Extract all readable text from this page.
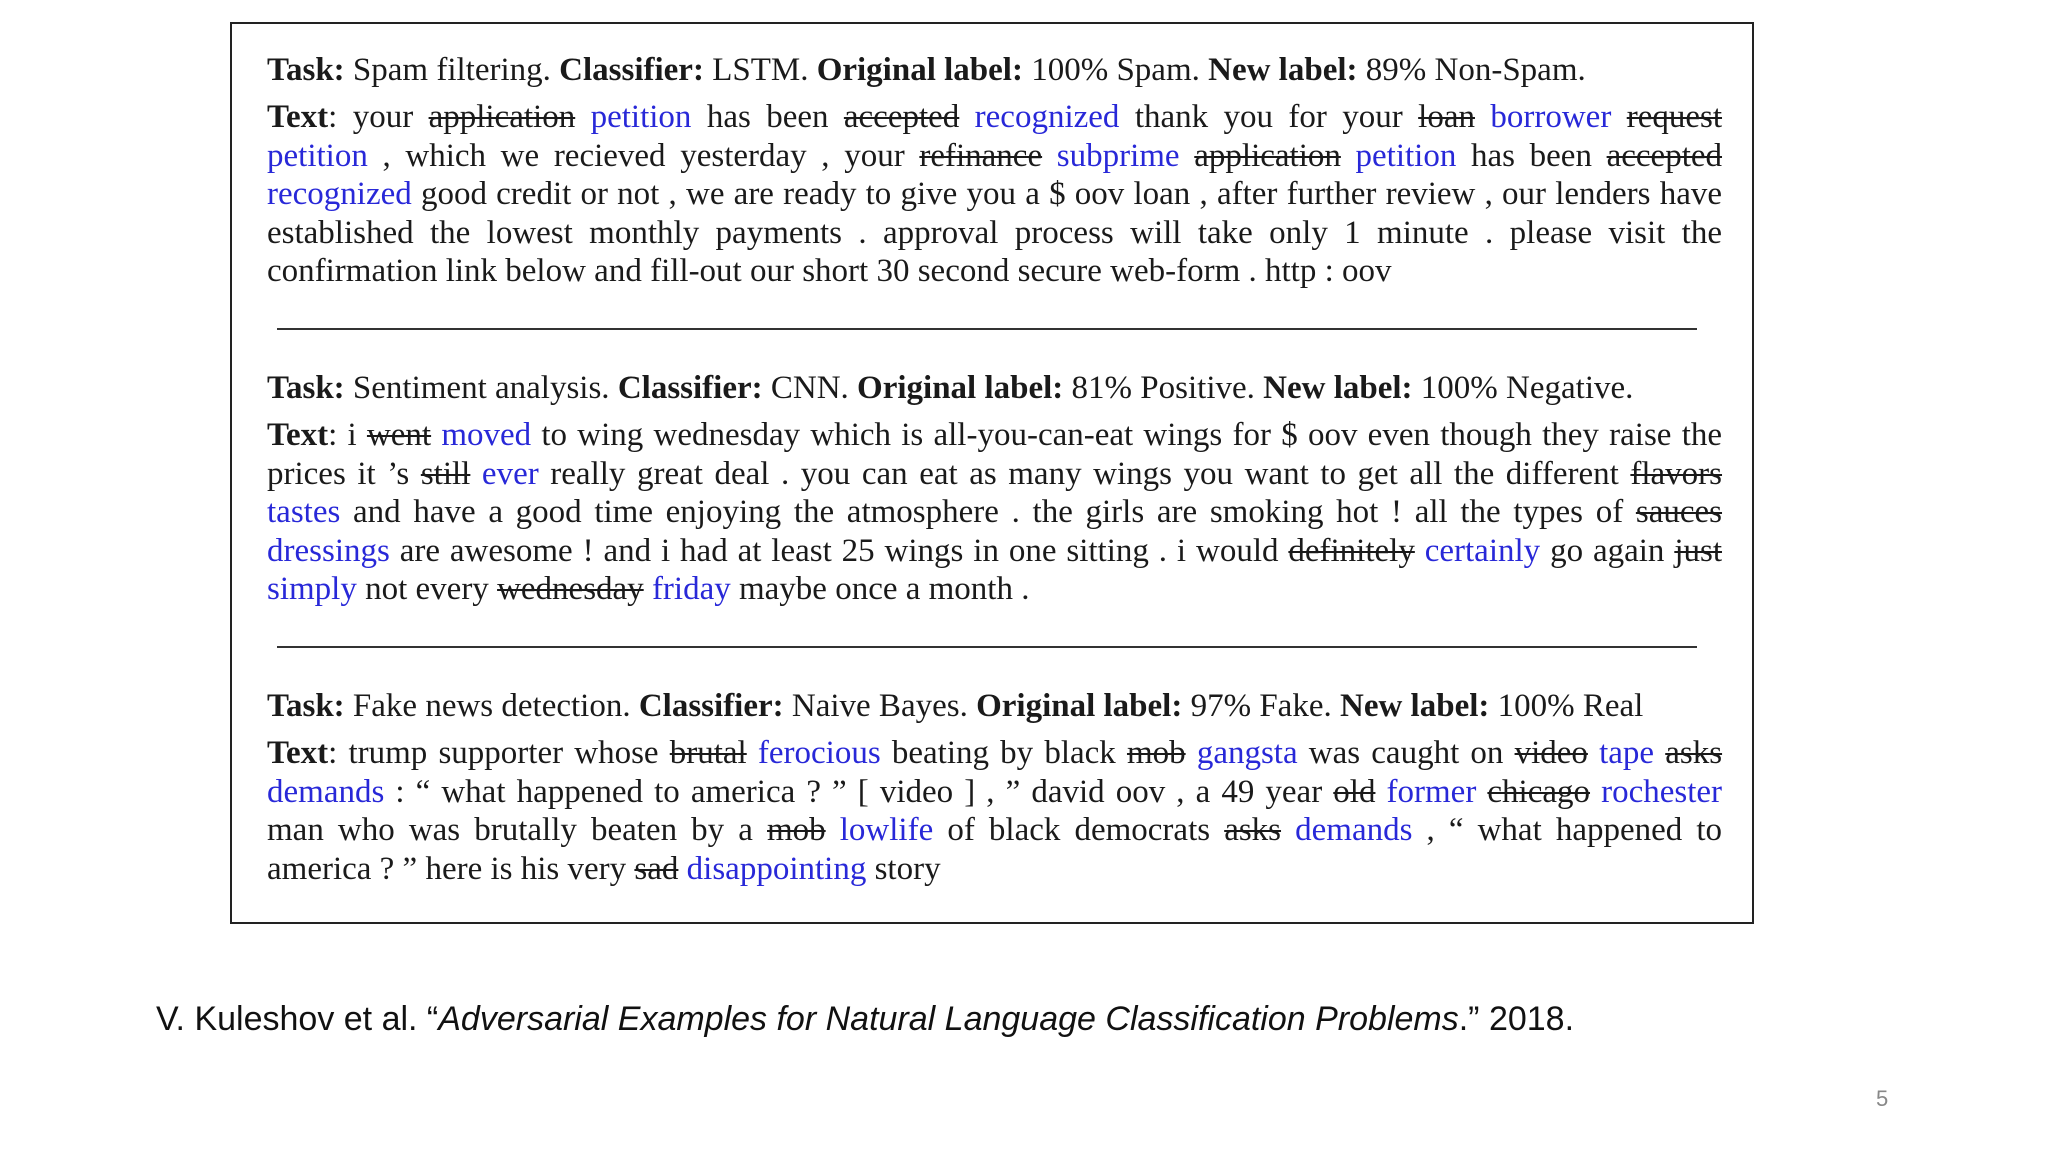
Task: Spam filtering. Classifier: LSTM. Original label: 100% Spam. New label: 89% Non-Spam.
Text: your application petition has been accepted recognized thank you for your loan borrower request petition , which we recieved yesterday , your refinance subprime application petition has been accepted recognized good credit or not , we are ready to give you a $ oov loan , after further review , our lenders have established the lowest monthly payments . approval process will take only 1 minute . please visit the confirmation link below and fill-out our short 30 second secure web-form . http : oov
Task: Sentiment analysis. Classifier: CNN. Original label: 81% Positive. New label: 100% Negative.
Text: i went moved to wing wednesday which is all-you-can-eat wings for $ oov even though they raise the prices it ’s still ever really great deal . you can eat as many wings you want to get all the different flavors tastes and have a good time enjoying the atmosphere . the girls are smoking hot ! all the types of sauces dressings are awesome ! and i had at least 25 wings in one sitting . i would definitely certainly go again just simply not every wednesday friday maybe once a month .
Task: Fake news detection. Classifier: Naive Bayes. Original label: 97% Fake. New label: 100% Real
Text: trump supporter whose brutal ferocious beating by black mob gangsta was caught on video tape asks demands : “ what happened to america ? ” [ video ] , ” david oov , a 49 year old former chicago rochester man who was brutally beaten by a mob lowlife of black democrats asks demands , “ what happened to america ? ” here is his very sad disappointing story
V. Kuleshov et al. “Adversarial Examples for Natural Language Classification Problems.” 2018.
5
